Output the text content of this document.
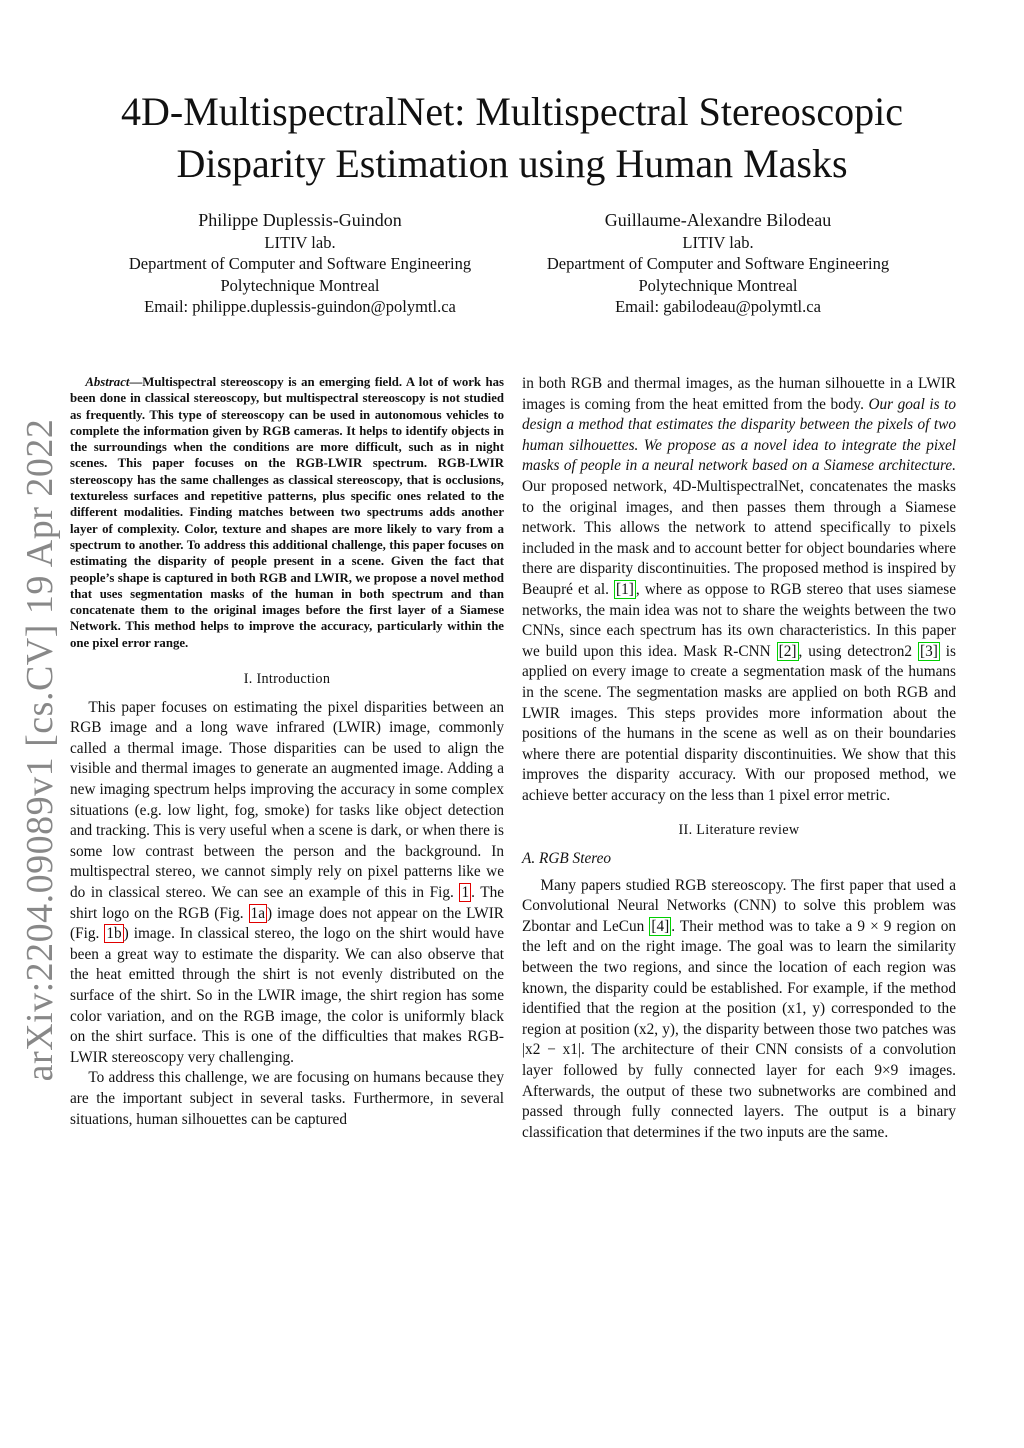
arXiv:2204.09089v1 [cs.CV] 19 Apr 2022
4D-MultispectralNet: Multispectral Stereoscopic
Disparity Estimation using Human Masks
Philippe Duplessis-Guindon
LITIV lab.
Department of Computer and Software Engineering
Polytechnique Montreal
Email: philippe.duplessis-guindon@polymtl.ca
Guillaume-Alexandre Bilodeau
LITIV lab.
Department of Computer and Software Engineering
Polytechnique Montreal
Email: gabilodeau@polymtl.ca
Abstract—Multispectral stereoscopy is an emerging field. A lot of work has been done in classical stereoscopy, but multispectral stereoscopy is not studied as frequently. This type of stereoscopy can be used in autonomous vehicles to complete the information given by RGB cameras. It helps to identify objects in the surroundings when the conditions are more difficult, such as in night scenes. This paper focuses on the RGB-LWIR spectrum. RGB-LWIR stereoscopy has the same challenges as classical stereoscopy, that is occlusions, textureless surfaces and repetitive patterns, plus specific ones related to the different modalities. Finding matches between two spectrums adds another layer of complexity. Color, texture and shapes are more likely to vary from a spectrum to another. To address this additional challenge, this paper focuses on estimating the disparity of people present in a scene. Given the fact that people’s shape is captured in both RGB and LWIR, we propose a novel method that uses segmentation masks of the human in both spectrum and than concatenate them to the original images before the first layer of a Siamese Network. This method helps to improve the accuracy, particularly within the one pixel error range.
I. Introduction

This paper focuses on estimating the pixel disparities between an RGB image and a long wave infrared (LWIR) image, commonly called a thermal image. Those disparities can be used to align the visible and thermal images to generate an augmented image. Adding a new imaging spectrum helps improving the accuracy in some complex situations (e.g. low light, fog, smoke) for tasks like object detection and tracking. This is very useful when a scene is dark, or when there is some low contrast between the person and the background. In multispectral stereo, we cannot simply rely on pixel patterns like we do in classical stereo. We can see an example of this in Fig. 1 . The shirt logo on the RGB (Fig. 1a ) image does not appear on the LWIR (Fig. 1b ) image. In classical stereo, the logo on the shirt would have been a great way to estimate the disparity. We can also observe that the heat emitted through the shirt is not evenly distributed on the surface of the shirt. So in the LWIR image, the shirt region has some color variation, and on the RGB image, the color is uniformly black on the shirt surface. This is one of the difficulties that makes RGB-LWIR stereoscopy very challenging.

To address this challenge, we are focusing on humans because they are the important subject in several tasks. Furthermore, in several situations, human silhouettes can be captured

in both RGB and thermal images, as the human silhouette in a LWIR images is coming from the heat emitted from the body. Our goal is to design a method that estimates the disparity between the pixels of two human silhouettes. We propose as a novel idea to integrate the pixel masks of people in a neural network based on a Siamese architecture. Our proposed network, 4D-MultispectralNet, concatenates the masks to the original images, and then passes them through a Siamese network. This allows the network to attend specifically to pixels included in the mask and to account better for object boundaries where there are disparity discontinuities. The proposed method is inspired by Beaupré et al. [1] , where as oppose to RGB stereo that uses siamese networks, the main idea was not to share the weights between the two CNNs, since each spectrum has its own characteristics. In this paper we build upon this idea. Mask R-CNN [2] , using detectron2 [3] is applied on every image to create a segmentation mask of the humans in the scene. The segmentation masks are applied on both RGB and LWIR images. This steps provides more information about the positions of the humans in the scene as well as on their boundaries where there are potential disparity discontinuities. We show that this improves the disparity accuracy. With our proposed method, we achieve better accuracy on the less than 1 pixel error metric.

II. Literature review
A. RGB Stereo

Many papers studied RGB stereoscopy. The first paper that used a Convolutional Neural Networks (CNN) to solve this problem was Zbontar and LeCun [4] . Their method was to take a 9 × 9 region on the left and on the right image. The goal was to learn the similarity between the two regions, and since the location of each region was known, the disparity could be established. For example, if the method identified that the region at the position (x1, y) corresponded to the region at position (x2, y), the disparity between those two patches was |x2 − x1|. The architecture of their CNN consists of a convolution layer followed by fully connected layer for each 9×9 images. Afterwards, the output of these two subnetworks are combined and passed through fully connected layers. The output is a binary classification that determines if the two inputs are the same.
